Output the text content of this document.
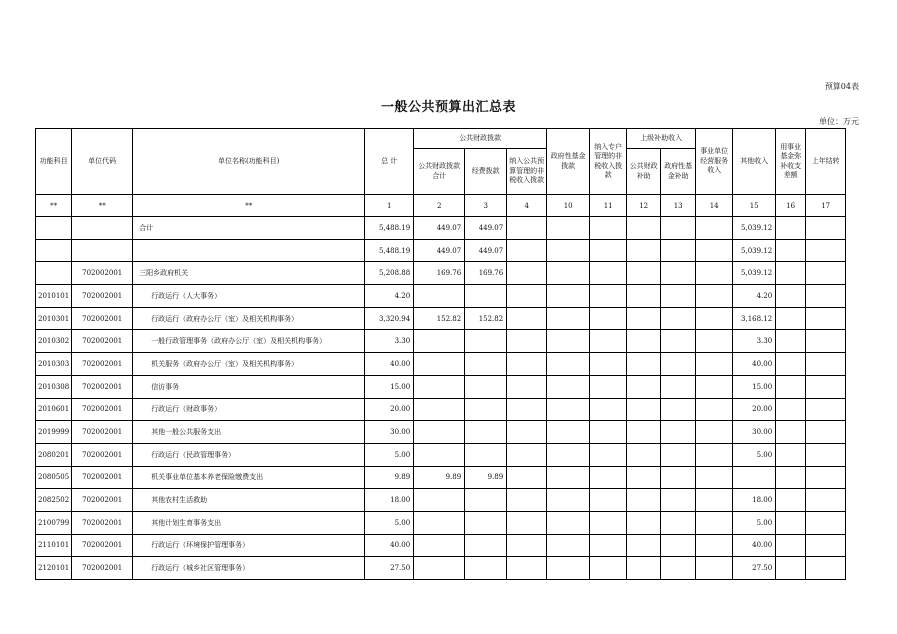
预算04表
一般公共预算出汇总表
单位：万元
功能科目	单位代码	单位名称(功能科目)	总 计	公共财政拨款			政府性基金拨款	纳入专户管理的非税收入拨款	上级补助收入		事业单位经营服务收入	其他收入	用事业基金弥补收支差额	上年结转
				公共财政拨款合计	经费拨款	纳入公共预算管理的非税收入拨款			公共财政补助	政府性基金补助				
**	**	**	1	2	3	4	10	11	12	13	14	15	16	17
		合计	5,488.19	449.07	449.07							5,039.12		
			5,488.19	449.07	449.07							5,039.12		
	702002001	三阳乡政府机关	5,208.88	169.76	169.76							5,039.12		
2010101	702002001	行政运行（人大事务）	4.20									4.20		
2010301	702002001	行政运行（政府办公厅（室）及相关机构事务）	3,320.94	152.82	152.82							3,168.12		
2010302	702002001	一般行政管理事务（政府办公厅（室）及相关机构事务）	3.30									3.30		
2010303	702002001	机关服务（政府办公厅（室）及相关机构事务）	40.00									40.00		
2010308	702002001	信访事务	15.00									15.00		
2010601	702002001	行政运行（财政事务）	20.00									20.00		
2019999	702002001	其他一般公共服务支出	30.00									30.00		
2080201	702002001	行政运行（民政管理事务）	5.00									5.00		
2080505	702002001	机关事业单位基本养老保险缴费支出	9.89	9.89	9.89									
2082502	702002001	其他农村生活救助	18.00									18.00		
2100799	702002001	其他计划生育事务支出	5.00									5.00		
2110101	702002001	行政运行（环境保护管理事务）	40.00									40.00		
2120101	702002001	行政运行（城乡社区管理事务）	27.50									27.50		
